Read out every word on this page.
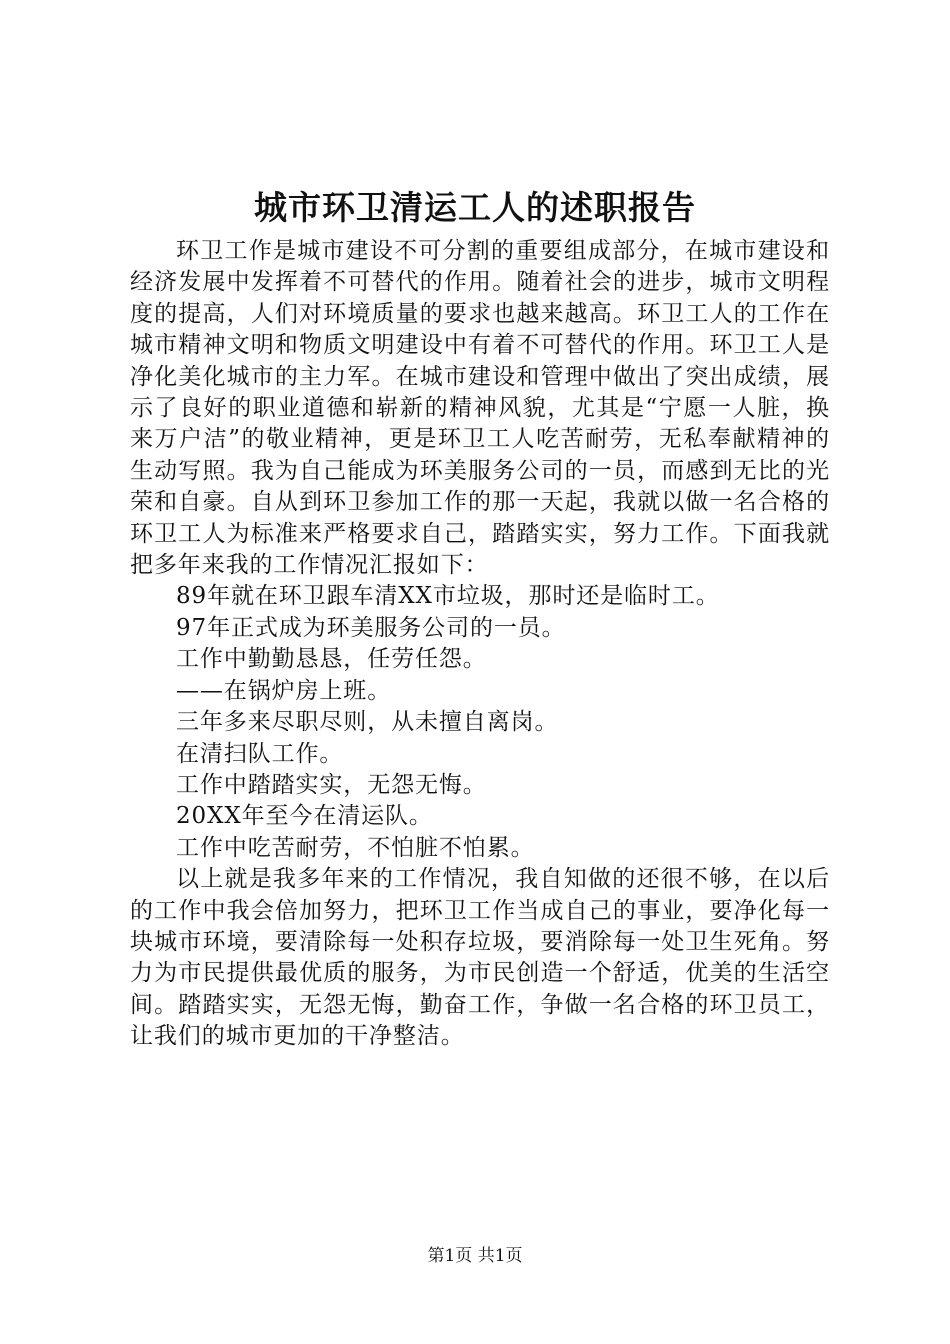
城市环卫清运工人的述职报告

环卫工作是城市建设不可分割的重要组成部分，在城市建设和经济发展中发挥着不可替代的作用。随着社会的进步，城市文明程度的提高，人们对环境质量的要求也越来越高。环卫工人的工作在城市精神文明和物质文明建设中有着不可替代的作用。环卫工人是净化美化城市的主力军。在城市建设和管理中做出了突出成绩，展示了良好的职业道德和崭新的精神风貌，尤其是“宁愿一人脏，换来万户洁”的敬业精神，更是环卫工人吃苦耐劳，无私奉献精神的生动写照。我为自己能成为环美服务公司的一员，而感到无比的光荣和自豪。自从到环卫参加工作的那一天起，我就以做一名合格的环卫工人为标准来严格要求自己，踏踏实实，努力工作。下面我就把多年来我的工作情况汇报如下：

89年就在环卫跟车清XX市垃圾，那时还是临时工。

97年正式成为环美服务公司的一员。

工作中勤勤恳恳，任劳任怨。

——在锅炉房上班。

三年多来尽职尽则，从未擅自离岗。

在清扫队工作。

工作中踏踏实实，无怨无悔。

20XX年至今在清运队。

工作中吃苦耐劳，不怕脏不怕累。

以上就是我多年来的工作情况，我自知做的还很不够，在以后的工作中我会倍加努力，把环卫工作当成自己的事业，要净化每一块城市环境，要清除每一处积存垃圾，要消除每一处卫生死角。努力为市民提供最优质的服务，为市民创造一个舒适，优美的生活空间。踏踏实实，无怨无悔，勤奋工作，争做一名合格的环卫员工，让我们的城市更加的干净整洁。

第1页 共1页
